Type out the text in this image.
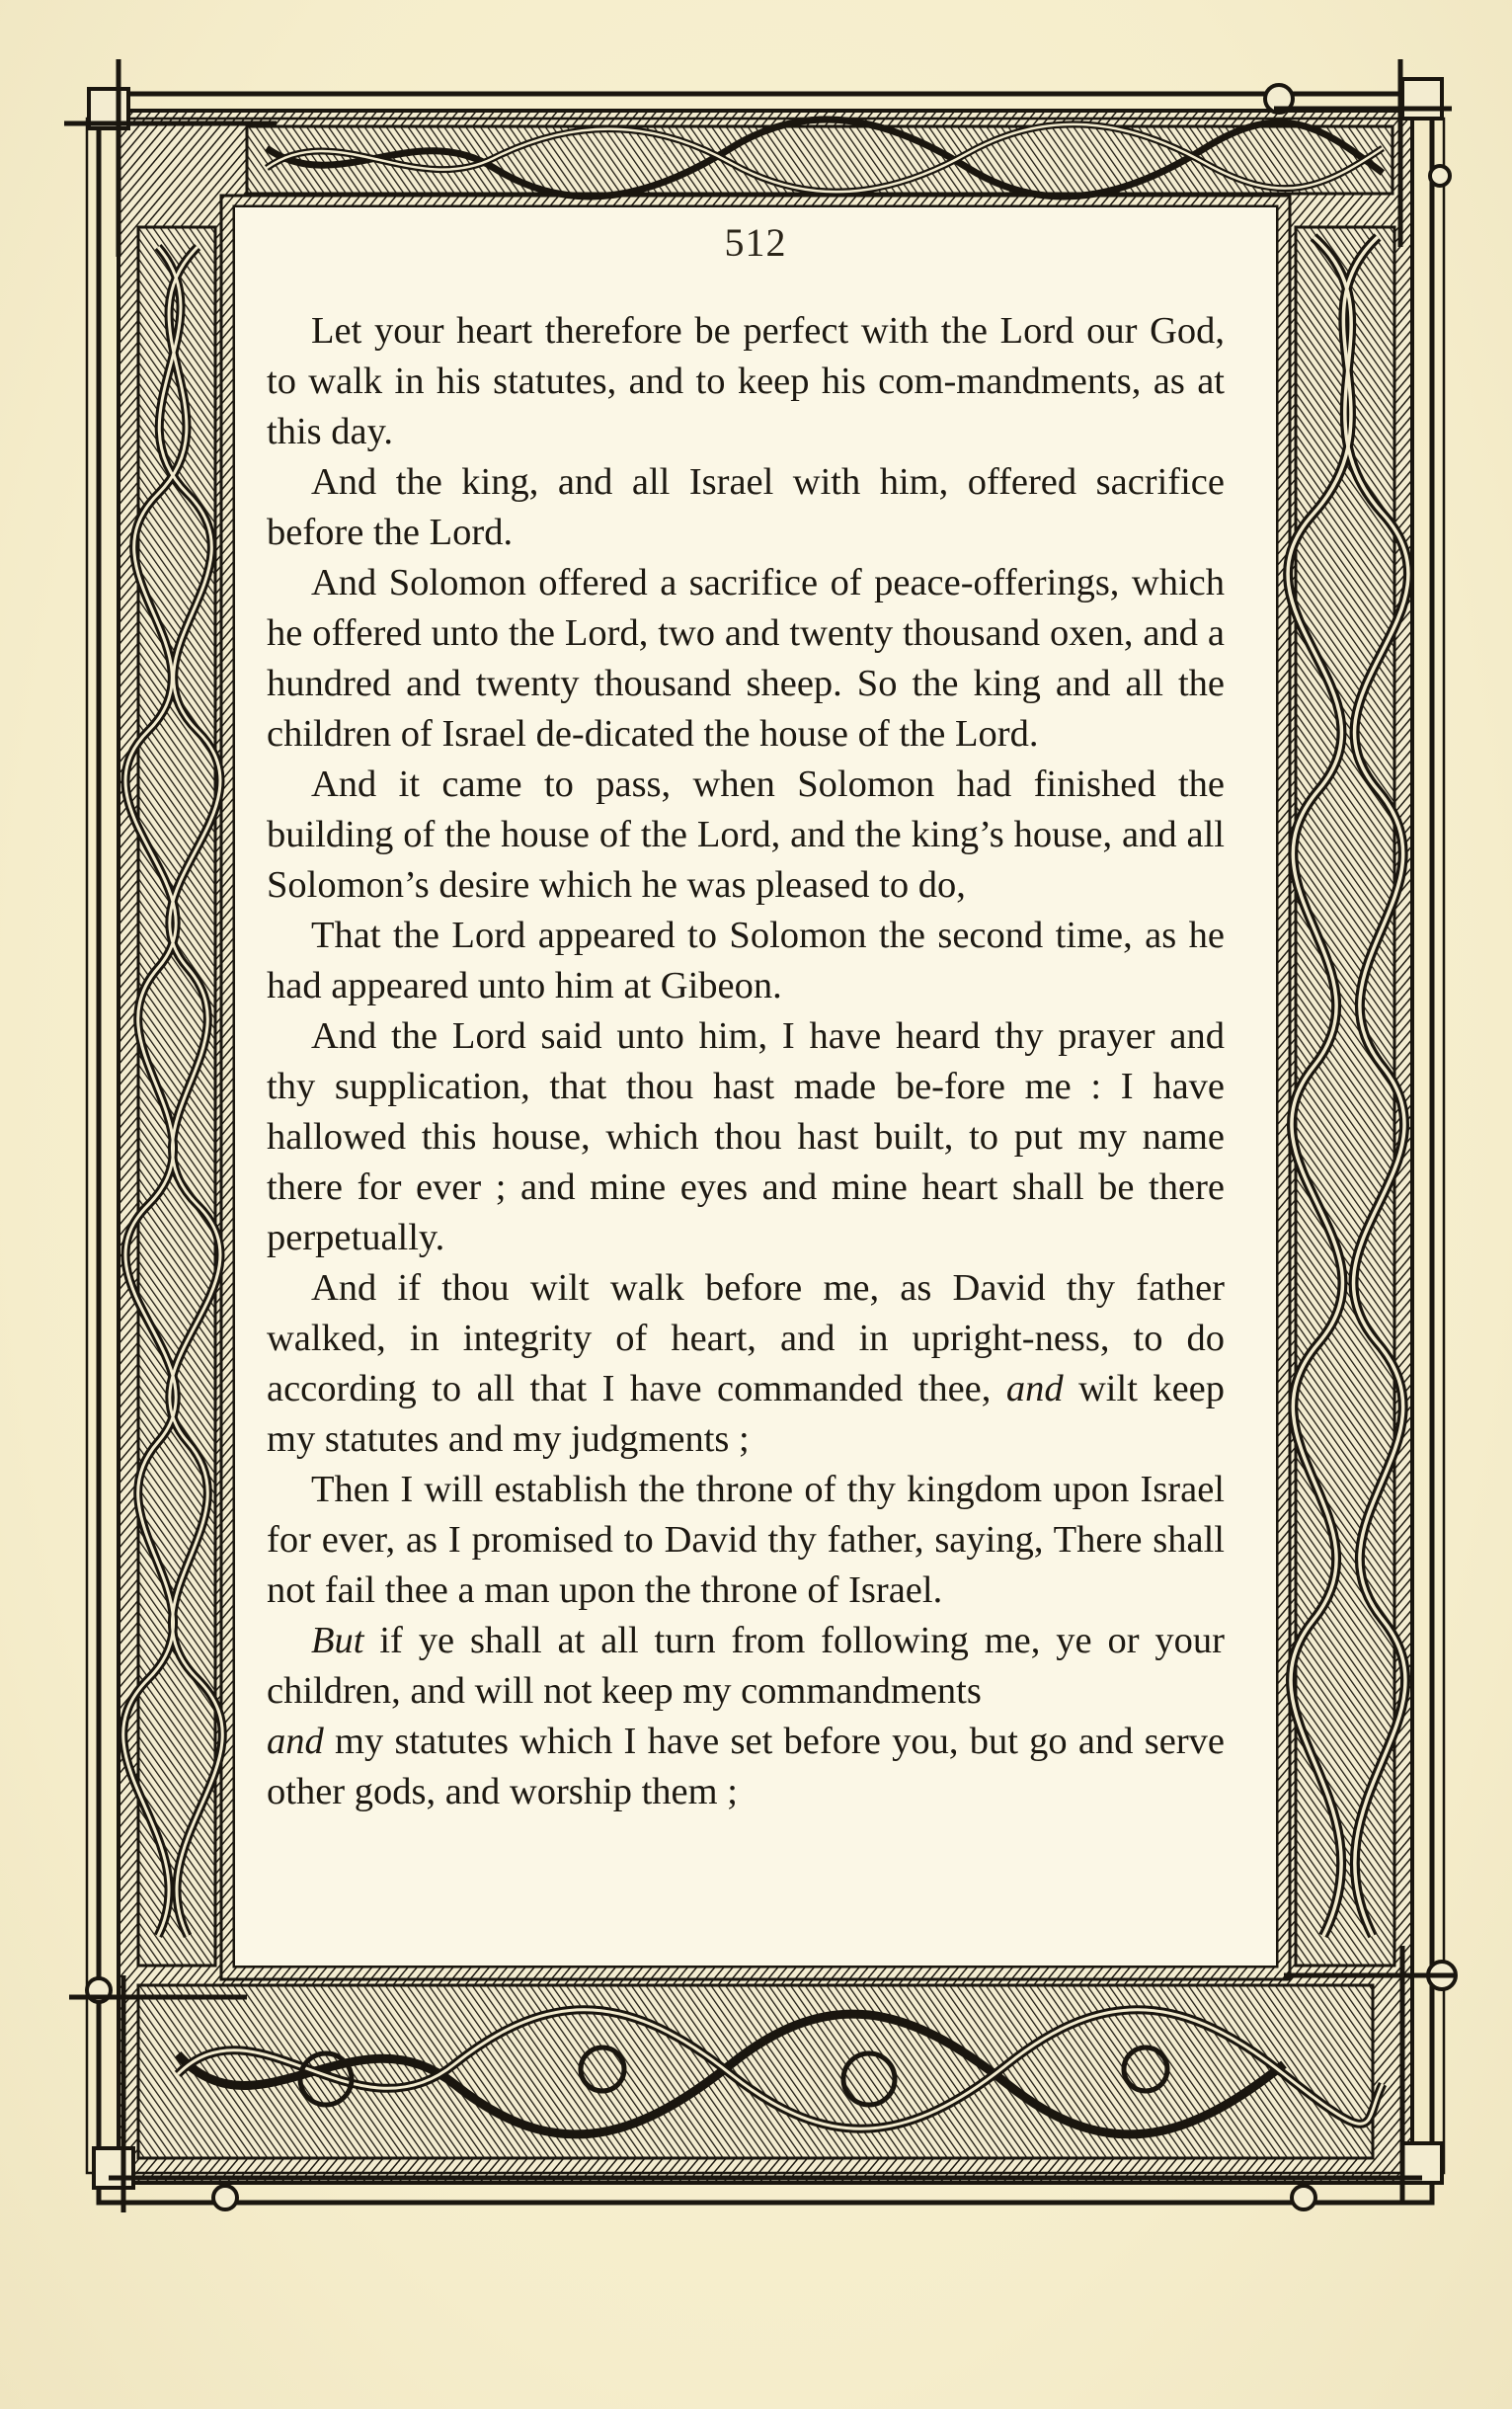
512

Let your heart therefore be perfect with the Lord our God, to walk in his statutes, and to keep his com-mandments, as at this day.

And the king, and all Israel with him, offered sacrifice before the Lord.

And Solomon offered a sacrifice of peace-offerings, which he offered unto the Lord, two and twenty thousand oxen, and a hundred and twenty thousand sheep. So the king and all the children of Israel de-dicated the house of the Lord.

And it came to pass, when Solomon had finished the building of the house of the Lord, and the king’s house, and all Solomon’s desire which he was pleased to do,

That the Lord appeared to Solomon the second time, as he had appeared unto him at Gibeon.

And the Lord said unto him, I have heard thy prayer and thy supplication, that thou hast made be-fore me : I have hallowed this house, which thou hast built, to put my name there for ever ; and mine eyes and mine heart shall be there perpetually.

And if thou wilt walk before me, as David thy father walked, in integrity of heart, and in upright-ness, to do according to all that I have commanded thee, and wilt keep my statutes and my judgments ;

Then I will establish the throne of thy kingdom upon Israel for ever, as I promised to David thy father, saying, There shall not fail thee a man upon the throne of Israel.

But if ye shall at all turn from following me, ye or your children, and will not keep my commandments

and my statutes which I have set before you, but go and serve other gods, and worship them ;
